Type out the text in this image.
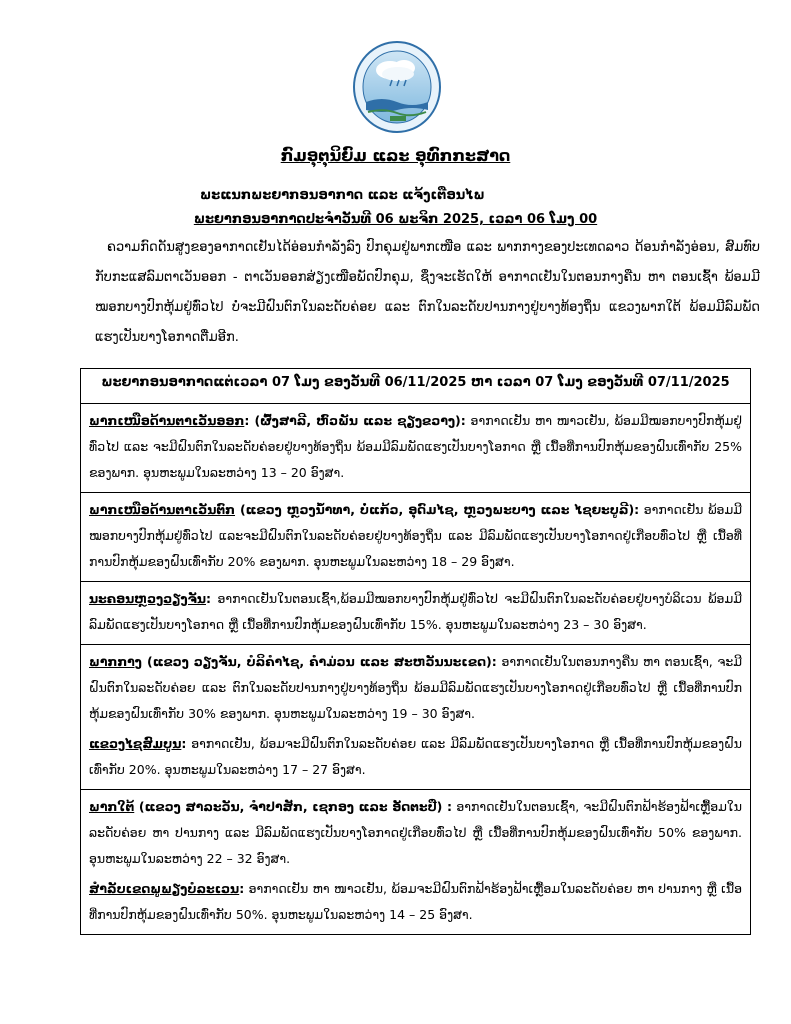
ກົມອຸຕຸນິຍົມ ແລະ ອຸທົກກະສາດ
ພະແນກພະຍາກອນອາກາດ ແລະ ແຈ້ງເຕືອນໄພ
ພະຍາກອນອາກາດປະຈຳວັນທີ 06 ພະຈິກ 2025, ເວລາ 06 ໂມງ 00
ຄວາມກົດດັນສູງຂອງອາກາດເຢັນໄດ້ອ່ອນກຳລັງລົງ ປົກຄຸມຢູ່ພາກເໜືອ ແລະ ພາກກາງຂອງປະເທດລາວ ດ້ອນກຳລັງອ່ອນ, ສົມທົບກັບກະແສລົມຕາເວັນອອກ - ຕາເວັນອອກສ່ຽງເໜືອພັດປົກຄຸມ, ຊຶ່ງຈະເຮັດໃຫ້ ອາກາດເຢັນໃນຕອນກາງຄືນ ຫາ ຕອນເຊົ້າ ພ້ອມມີໝອກບາງປົກຫຸ້ມຢູ່ທົ່ວໄປ ບໍ່ຈະມີຝົນຕົກໃນລະດັບຄ່ອຍ ແລະ ຕົກໃນລະດັບປານກາງຢູ່ບາງທ້ອງຖິ່ນ ແຂວງພາກໃຕ້ ພ້ອມມີລົມພັດແຮງເປັນບາງໂອກາດຕື່ມອີກ.
ພະຍາກອນອາກາດແຕ່ເວລາ 07 ໂມງ ຂອງວັນທີ 06/11/2025 ຫາ ເວລາ 07 ໂມງ ຂອງວັນທີ 07/11/2025
ພາກເໜືອດ້ານຕາເວັນອອກ: (ຜົ້ງສາລີ, ຫົວພັນ ແລະ ຊຽງຂວາງ): ອາກາດເຢັນ ຫາ ໜາວເຢັນ, ພ້ອມມີໝອກບາງປົກຫຸ້ມຢູ່ທົ່ວໄປ ແລະ ຈະມີຝົນຕົກໃນລະດັບຄ່ອຍຢູ່ບາງທ້ອງຖິ່ນ ພ້ອມມີລົມພັດແຮງເປັນບາງໂອກາດ ຫຼື ເນື້ອທີ່ການປົກຫຸ້ມຂອງຝົນເທົ່າກັບ 25% ຂອງພາກ. ອຸນຫະພູມໃນລະຫວ່າງ 13 – 20 ອົງສາ.
ພາກເໜືອດ້ານຕາເວັນຕົກ (ແຂວງ ຫຼວງນ້ຳທາ, ບໍ່ແກ້ວ, ອຸດົມໄຊ, ຫຼວງພະບາງ ແລະ ໄຊຍະບູລີ): ອາກາດເຢັນ ພ້ອມມີໝອກບາງປົກຫຸ້ມຢູ່ທົ່ວໄປ ແລະຈະມີຝົນຕົກໃນລະດັບຄ່ອຍຢູ່ບາງທ້ອງຖິ່ນ ແລະ ມີລົມພັດແຮງເປັນບາງໂອກາດຢູ່ເກືອບທົ່ວໄປ ຫຼື ເນື້ອທີ່ການປົກຫຸ້ມຂອງຝົນເທົ່າກັບ 20% ຂອງພາກ. ອຸນຫະພູມໃນລະຫວ່າງ 18 – 29 ອົງສາ.
ນະຄອນຫຼວງວຽງຈັນ: ອາກາດເຢັນໃນຕອນເຊົ້າ,ພ້ອມມີໝອກບາງປົກຫຸ້ມຢູ່ທົ່ວໄປ ຈະມີຝົນຕົກໃນລະດັບຄ່ອຍຢູ່ບາງບໍລິເວນ ພ້ອມມີລົມພັດແຮງເປັນບາງໂອກາດ ຫຼື ເນື້ອທີ່ການປົກຫຸ້ມຂອງຝົນເທົ່າກັບ 15%. ອຸນຫະພູມໃນລະຫວ່າງ 23 – 30 ອົງສາ.
ພາກກາງ (ແຂວງ ວຽງຈັນ, ບໍລິຄຳໄຊ, ຄຳມ່ວນ ແລະ ສະຫວັນນະເຂດ): ອາກາດເຢັນໃນຕອນກາງຄືນ ຫາ ຕອນເຊົ້າ, ຈະມີຝົນຕົກໃນລະດັບຄ່ອຍ ແລະ ຕົກໃນລະດັບປານກາງຢູ່ບາງທ້ອງຖິ່ນ ພ້ອມມີລົມພັດແຮງເປັນບາງໂອກາດຢູ່ເກືອບທົ່ວໄປ ຫຼື ເນື້ອທີ່ການປົກຫຸ້ມຂອງຝົນເທົ່າກັບ 30% ຂອງພາກ. ອຸນຫະພູມໃນລະຫວ່າງ 19 – 30 ອົງສາ.
ແຂວງໄຊສົມບູນ: ອາກາດເຢັນ, ພ້ອມຈະມີຝົນຕົກໃນລະດັບຄ່ອຍ ແລະ ມີລົມພັດແຮງເປັນບາງໂອກາດ ຫຼື ເນື້ອທີ່ການປົກຫຸ້ມຂອງຝົນເທົ່າກັບ 20%. ອຸນຫະພູມໃນລະຫວ່າງ 17 – 27 ອົງສາ.
ພາກໃຕ້ (ແຂວງ ສາລະວັນ, ຈຳປາສັກ, ເຊກອງ ແລະ ອັດຕະປື) : ອາກາດເຢັນໃນຕອນເຊົ້າ, ຈະມີຝົນຕົກຟ້າຮ້ອງຟ້າເຫຼື້ອມໃນລະດັບຄ່ອຍ ຫາ ປານກາງ ແລະ ມີລົມພັດແຮງເປັນບາງໂອກາດຢູ່ເກືອບທົ່ວໄປ ຫຼື ເນື້ອທີ່ການປົກຫຸ້ມຂອງຝົນເທົ່າກັບ 50% ຂອງພາກ. ອຸນຫະພູມໃນລະຫວ່າງ 22 – 32 ອົງສາ.
ສຳລັບເຂດພູພຽງບໍລະເວນ: ອາກາດເຢັນ ຫາ ໜາວເຢັນ, ພ້ອມຈະມີຝົນຕົກຟ້າຮ້ອງຟ້າເຫຼື້ອມໃນລະດັບຄ່ອຍ ຫາ ປານກາງ ຫຼື ເນື້ອທີ່ການປົກຫຸ້ມຂອງຝົນເທົ່າກັບ 50%. ອຸນຫະພູມໃນລະຫວ່າງ 14 – 25 ອົງສາ.
